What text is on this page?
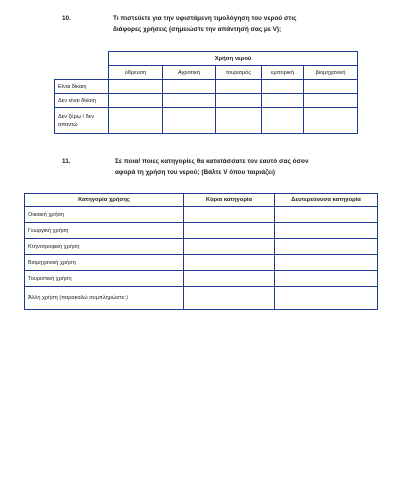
10.	Τι πιστεύετε για την υφιστάμενη τιμολόγηση του νερού στις
διάφορες χρήσεις (σημειώστε την απάντησή σας με V);
	Χρήση νερού				
	ύδρευση	Αγροτική	τουρισμός	εμπορική	βιομηχανική
Είναι δίκαιη					
Δεν είναι δίκαιη					
Δεν ξέρω / δεν απαντώ					
11.	Σε ποια/ ποιες κατηγορίες θα κατατάσσατε τον εαυτό σας όσον
αφορά τη χρήση του νερού; (Βάλτε V όπου ταιριάζει)
Κατηγορία χρήσης	Κύρια κατηγορία	Δευτερεύουσα κατηγορία
Οικιακή χρήση		
Γεωργική χρήση		
Κτηνοτροφική χρήση		
Βιομηχανική χρήση		
Τουριστική χρήση		
Άλλη χρήση (παρακαλώ συμπληρώστε:)		
